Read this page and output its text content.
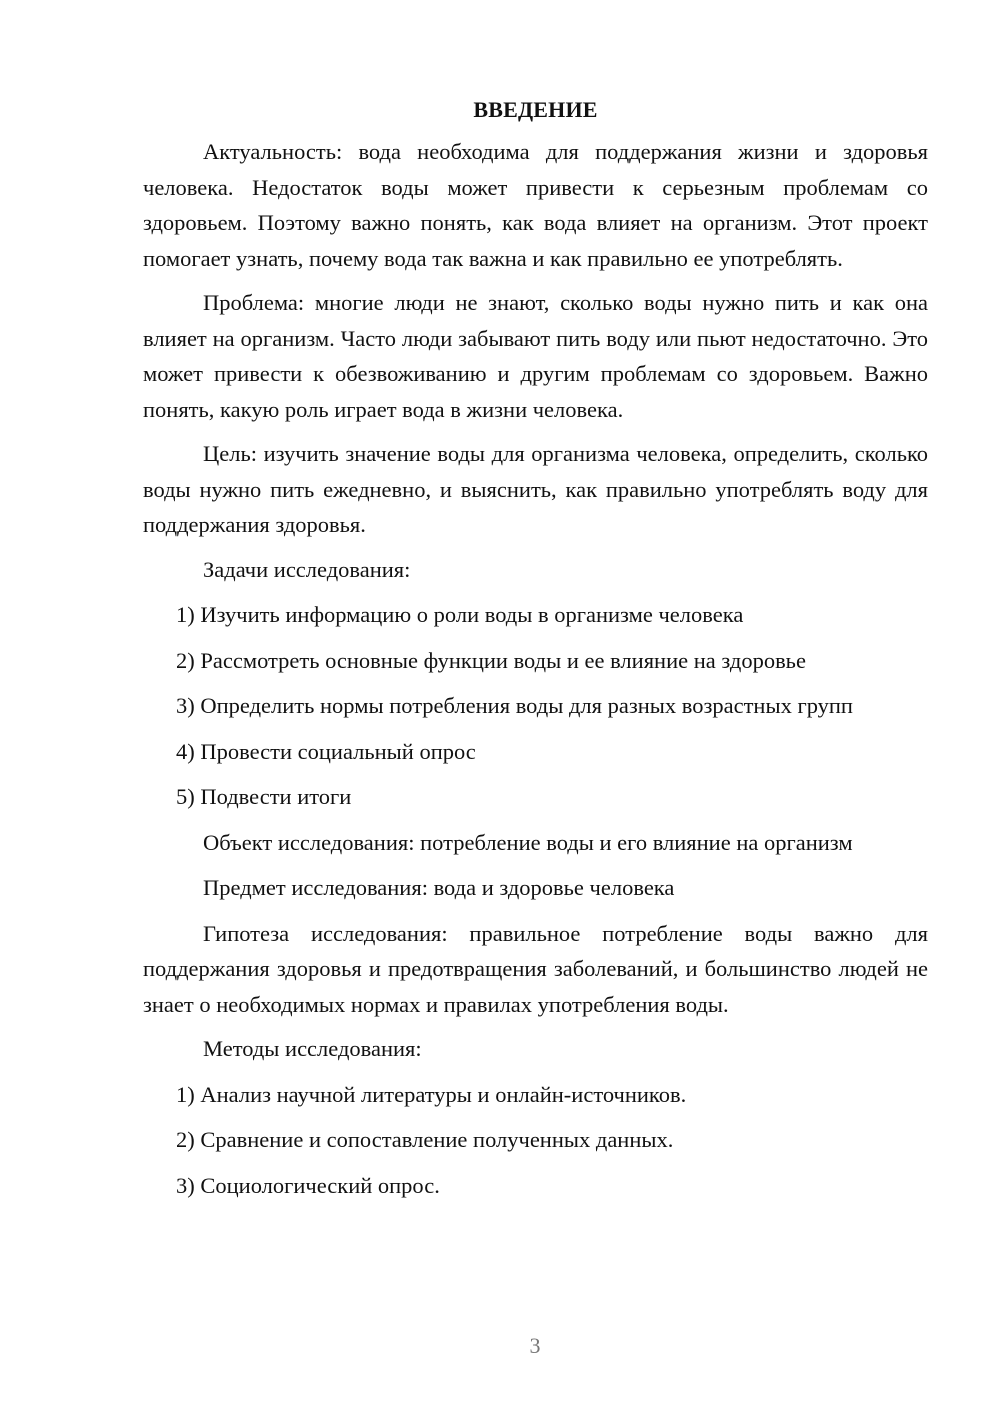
ВВЕДЕНИЕ

Актуальность: вода необходима для поддержания жизни и здоровья человека. Недостаток воды может привести к серьезным проблемам со здоровьем. Поэтому важно понять, как вода влияет на организм. Этот проект помогает узнать, почему вода так важна и как правильно ее употреблять.

Проблема: многие люди не знают, сколько воды нужно пить и как она влияет на организм. Часто люди забывают пить воду или пьют недостаточно. Это может привести к обезвоживанию и другим проблемам со здоровьем. Важно понять, какую роль играет вода в жизни человека.

Цель: изучить значение воды для организма человека, определить, сколько воды нужно пить ежедневно, и выяснить, как правильно употреблять воду для поддержания здоровья.

Задачи исследования:

1) Изучить информацию о роли воды в организме человека

2) Рассмотреть основные функции воды и ее влияние на здоровье

3) Определить нормы потребления воды для разных возрастных групп

4) Провести социальный опрос

5) Подвести итоги

Объект исследования: потребление воды и его влияние на организм

Предмет исследования: вода и здоровье человека

Гипотеза исследования: правильное потребление воды важно для поддержания здоровья и предотвращения заболеваний, и большинство людей не знает о необходимых нормах и правилах употребления воды.

Методы исследования:

1) Анализ научной литературы и онлайн-источников.

2) Сравнение и сопоставление полученных данных.

3) Социологический опрос.

3
